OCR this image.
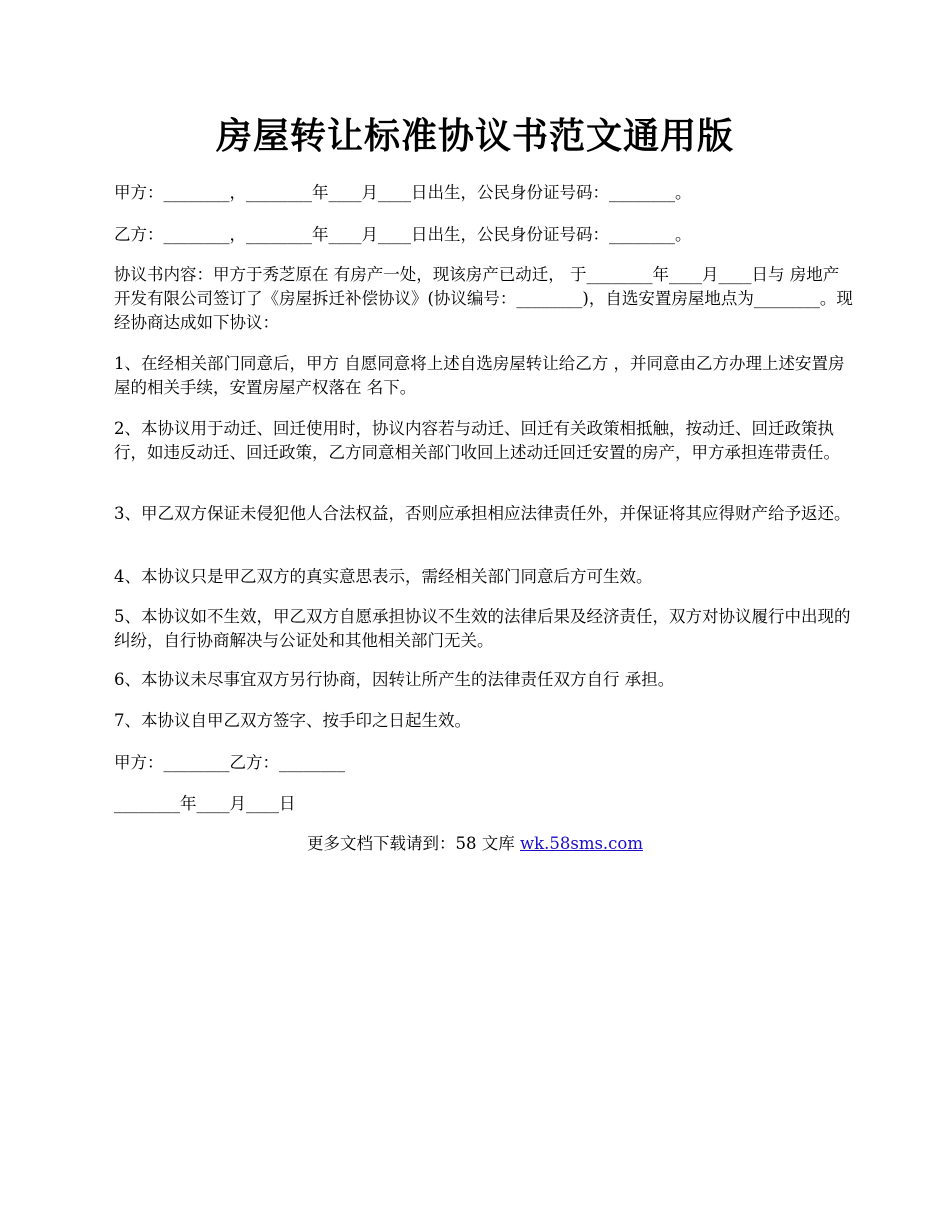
房屋转让标准协议书范文通用版
甲方：________，________年____月____日出生，公民身份证号码：________。
乙方：________，________年____月____日出生，公民身份证号码：________。
协议书内容：甲方于秀芝原在 有房产一处，现该房产已动迁， 于________年____月____日与 房地产开发有限公司签订了《房屋拆迁补偿协议》(协议编号：________)，自选安置房屋地点为________。现经协商达成如下协议：
1、在经相关部门同意后，甲方 自愿同意将上述自选房屋转让给乙方 ，并同意由乙方办理上述安置房屋的相关手续，安置房屋产权落在 名下。
2、本协议用于动迁、回迁使用时，协议内容若与动迁、回迁有关政策相抵触，按动迁、回迁政策执行，如违反动迁、回迁政策，乙方同意相关部门收回上述动迁回迁安置的房产，甲方承担连带责任。
3、甲乙双方保证未侵犯他人合法权益，否则应承担相应法律责任外，并保证将其应得财产给予返还。
4、本协议只是甲乙双方的真实意思表示，需经相关部门同意后方可生效。
5、本协议如不生效，甲乙双方自愿承担协议不生效的法律后果及经济责任，双方对协议履行中出现的纠纷，自行协商解决与公证处和其他相关部门无关。
6、本协议未尽事宜双方另行协商，因转让所产生的法律责任双方自行 承担。
7、本协议自甲乙双方签字、按手印之日起生效。
甲方：________乙方：________
________年____月____日
更多文档下载请到：58 文库 wk.58sms.com
